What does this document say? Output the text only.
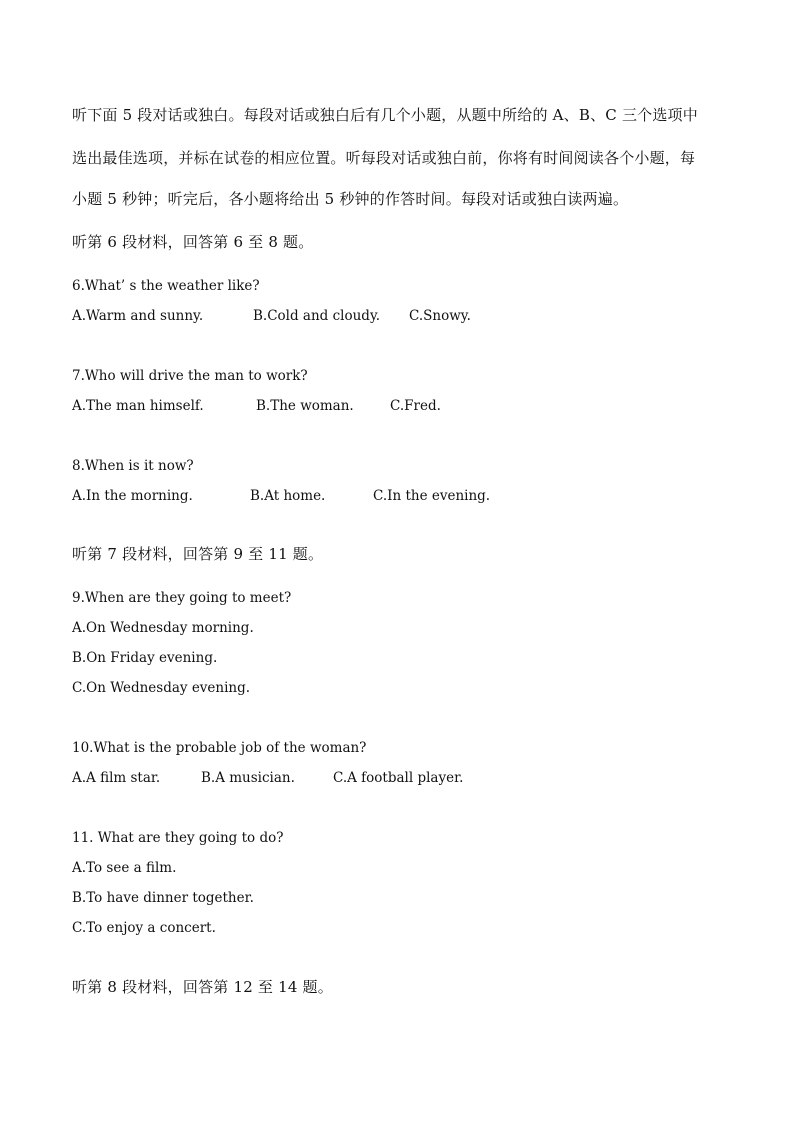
听下面 5 段对话或独白。每段对话或独白后有几个小题，从题中所给的 A、B、C 三个选项中
选出最佳选项，并标在试卷的相应位置。听每段对话或独白前，你将有时间阅读各个小题，每
小题 5 秒钟；听完后，各小题将给出 5 秒钟的作答时间。每段对话或独白读两遍。
听第 6 段材料，回答第 6 至 8 题。
6.What’ s the weather like?
A.Warm and sunny.	B.Cold and cloudy. C.Snowy.
7.Who will drive the man to work?
A.The man himself.	B.The woman.	C.Fred.
8.When is it now?
A.In the morning.	B.At home.	C.In the evening.
听第 7 段材料，回答第 9 至 11 题。
9.When are they going to meet?
A.On Wednesday morning.
B.On Friday evening.
C.On Wednesday evening.
10.What is the probable job of the woman?
A.A film star.	B.A musician.	C.A football player.
11. What are they going to do?
A.To see a film.
B.To have dinner together.
C.To enjoy a concert.
听第 8 段材料，回答第 12 至 14 题。
